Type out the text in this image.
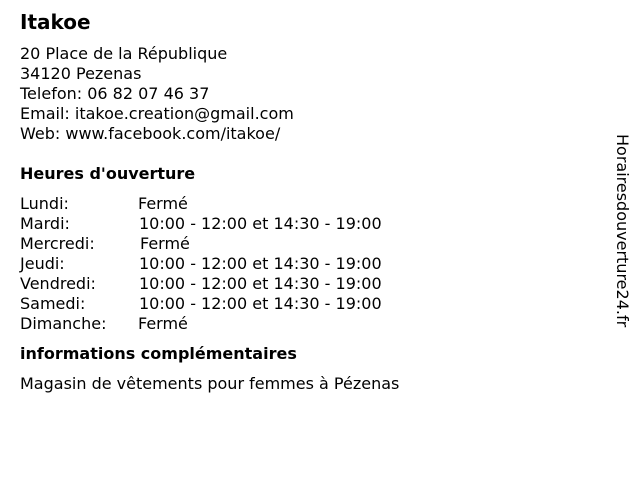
Itakoe
20 Place de la République
34120 Pezenas
Telefon: 06 82 07 46 37
Email: itakoe.creation@gmail.com
Web: www.facebook.com/itakoe/
Heures d'ouverture
Lundi:	Fermé
Mardi:	10:00 - 12:00 et 14:30 - 19:00
Mercredi:	Fermé
Jeudi:	10:00 - 12:00 et 14:30 - 19:00
Vendredi:	10:00 - 12:00 et 14:30 - 19:00
Samedi:	10:00 - 12:00 et 14:30 - 19:00
Dimanche: Fermé
informations complémentaires
Magasin de vêtements pour femmes à Pézenas
Horairesdouverture24.fr
